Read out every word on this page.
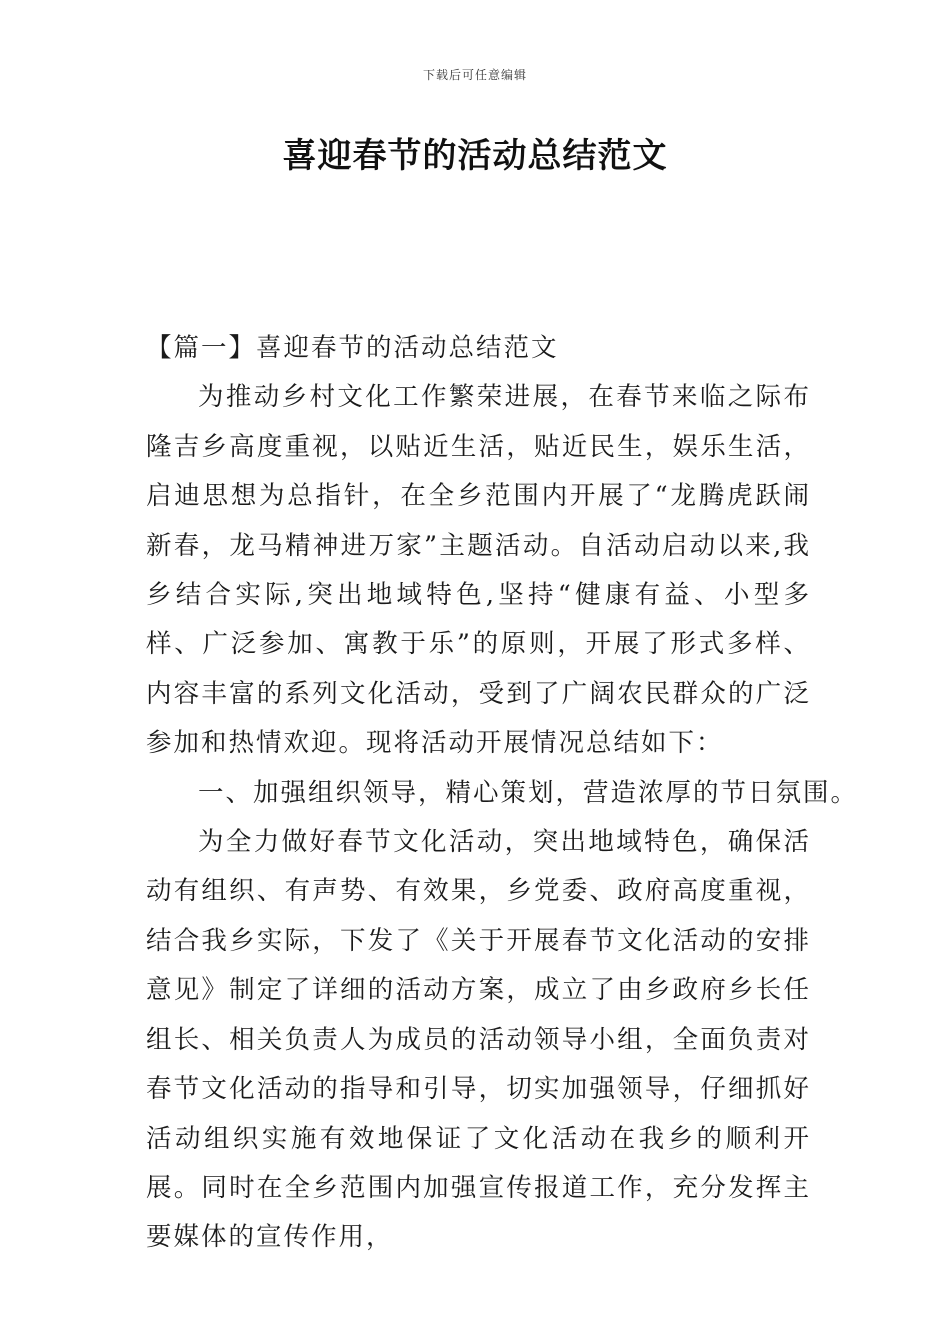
下载后可任意编辑
喜迎春节的活动总结范文

【篇一】喜迎春节的活动总结范文

为推动乡村文化工作繁荣进展，在春节来临之际布隆吉乡高度重视，以贴近生活，贴近民生，娱乐生活，启迪思想为总指针，在全乡范围内开展了“龙腾虎跃闹新春，龙马精神进万家”主题活动。自活动启动以来,我乡结合实际,突出地域特色,坚持“健康有益、小型多样、广泛参加、寓教于乐”的原则，开展了形式多样、内容丰富的系列文化活动，受到了广阔农民群众的广泛参加和热情欢迎。现将活动开展情况总结如下：

一、加强组织领导，精心策划，营造浓厚的节日氛围。

为全力做好春节文化活动，突出地域特色，确保活动有组织、有声势、有效果，乡党委、政府高度重视，结合我乡实际，下发了《关于开展春节文化活动的安排意见》制定了详细的活动方案，成立了由乡政府乡长任组长、相关负责人为成员的活动领导小组，全面负责对春节文化活动的指导和引导，切实加强领导，仔细抓好活动组织实施有效地保证了文化活动在我乡的顺利开展。同时在全乡范围内加强宣传报道工作，充分发挥主要媒体的宣传作用，
